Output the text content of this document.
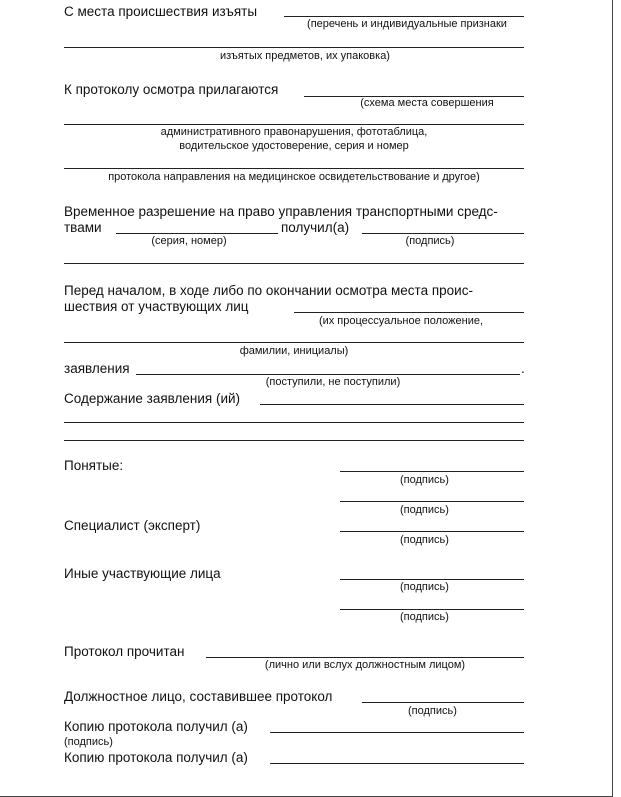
С места происшествия изъяты
(перечень и индивидуальные признаки
изъятых предметов, их упаковка)
К протоколу осмотра прилагаются
(схема места совершения
административного правонарушения, фототаблица,
водительское удостоверение, серия и номер
протокола направления на медицинское освидетельствование и другое)
Временное разрешение на право управления транспортными средс-
твами	получил(а)
(серия, номер)	(подпись)
Перед началом, в ходе либо по окончании осмотра места проис-
шествия от участвующих лиц
(их процессуальное положение,
фамилии, инициалы)
заявления	.
(поступили, не поступили)
Содержание заявления (ий)
Понятые:
(подпись)
(подпись)
Специалист (эксперт)
(подпись)
Иные участвующие лица
(подпись)
(подпись)
Протокол прочитан
(лично или вслух должностным лицом)
Должностное лицо, составившее протокол
(подпись)
Копию протокола получил (а)
(подпись)
Копию протокола получил (а)
